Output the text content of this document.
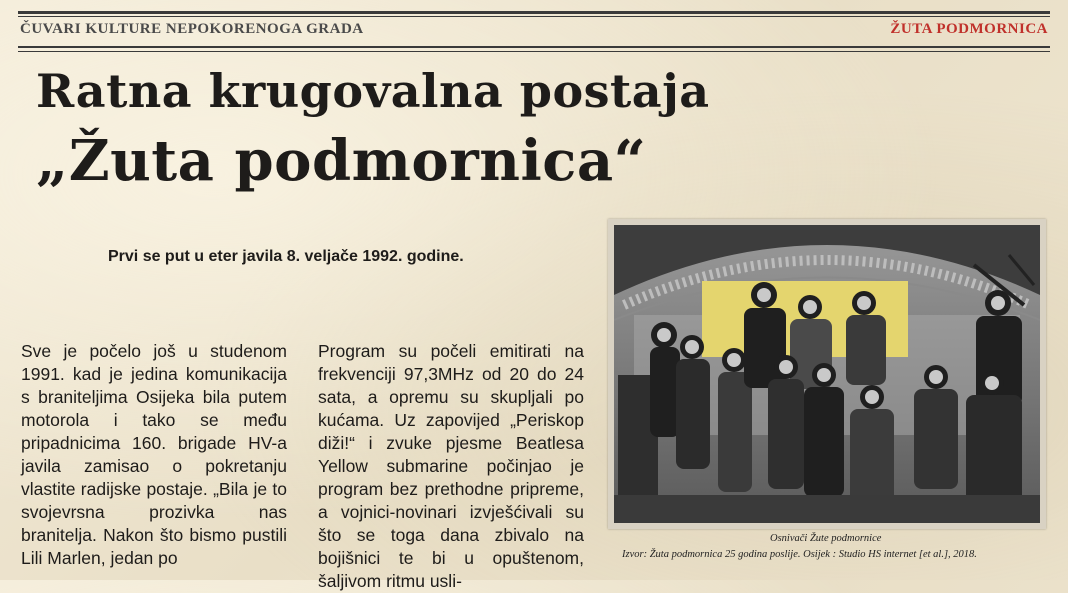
ČUVARI KULTURE NEPOKORENOGA GRADA	ŽUTA PODMORNICA
Ratna krugovalna postaja
„Žuta podmornica“
Prvi se put u eter javila 8. veljače 1992. godine.

Sve je počelo još u studenom 1991. kad je jedina komunikacija s braniteljima Osijeka bila putem motorola i tako se među pripadnicima 160. brigade HV-a javila zamisao o pokretanju vlastite radijske postaje. „Bila je to svojevrsna prozivka nas branitelja. Nakon što bismo pustili Lili Marlen, jedan po

Program su počeli emitirati na frekvenciji 97,3MHz od 20 do 24 sata, a opremu su skupljali po kućama. Uz zapovijed „Periskop diži!“ i zvuke pjesme Beatlesa Yellow submarine počinjao je program bez prethodne pripreme, a vojnici-novinari izvješćivali su što se toga dana zbivalo na bojišnici te bi u opuštenom, šaljivom ritmu usli-

Osnivači Žute podmornice
Izvor: Žuta podmornica 25 godina poslije. Osijek : Studio HS internet [et al.], 2018.
